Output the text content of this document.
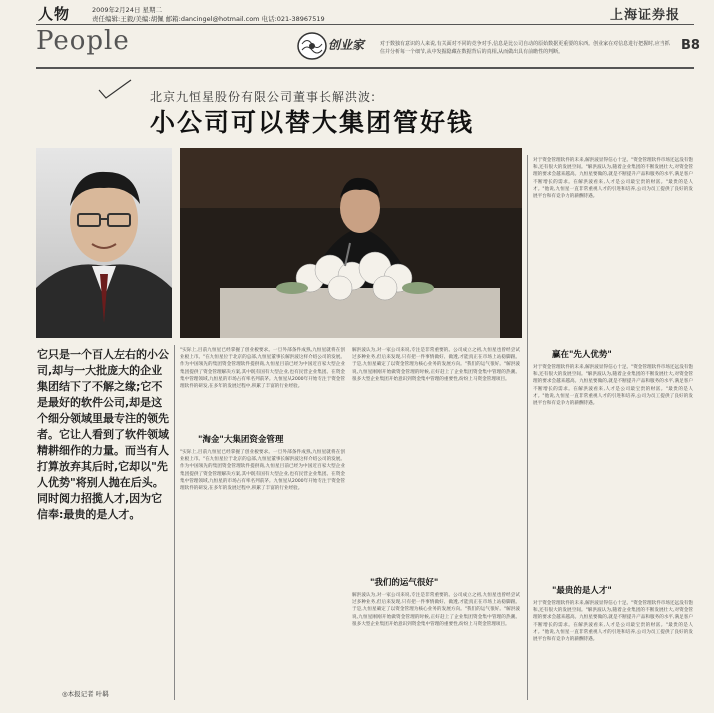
人物	2009年2月24日 星期二
责任编辑:王毅/美编:胡佩 邮箱:dancingel@hotmail.com 电话:021-38967519	上海证券报
People	创业家	对于数独有意识的人来说,有关面对不同的竞争对手,信息是比公司自动的原始数据更重要的东西。创业家在对信息进行把握时,应当抓住并分析每一个细节,从中发掘隐藏在数据背后的真相,从而做出具有前瞻性的判断。	B8
北京九恒星股份有限公司董事长解洪波:
小公司可以替大集团管好钱
它只是一个百人左右的小公司,却与一大批庞大的企业集团结下了不解之缘;它不是最好的软件公司,却是这个细分领域里最专注的领先者。它让人看到了软件领域精耕细作的力量。而当有人打算放弃其后时,它却以"先人优势"将别人抛在后头。同时阅力招揽人才,因为它信奉:最贵的是人才。
◎本报记者 叶羁
"实际上,目前九恒星已经掌握了创业板要求。一旦外部条件成熟,九恒星就将在创业板上市。"在九恒星位于北京的总部,九恒星董事长解洪波这样介绍公司的发展。作为中国领先的集团资金管理软件提供商,九恒星目前已经为中国近百家大型企业集团提供了资金管理解决方案,其中既有国有大型企业,也有民营企业集团。在资金集中管理领域,九恒星的市场占有率名列前茅。九恒星从2000年开始专注于资金管理软件的研发,在多年的发展过程中,积累了丰富的行业经验。
"淘金"大集团资金管理
"实际上,目前九恒星已经掌握了创业板要求。一旦外部条件成熟,九恒星就将在创业板上市。"在九恒星位于北京的总部,九恒星董事长解洪波这样介绍公司的发展。作为中国领先的集团资金管理软件提供商,九恒星目前已经为中国近百家大型企业集团提供了资金管理解决方案,其中既有国有大型企业,也有民营企业集团。在资金集中管理领域,九恒星的市场占有率名列前茅。九恒星从2000年开始专注于资金管理软件的研发,在多年的发展过程中,积累了丰富的行业经验。
解洪波认为,对一家公司来说,专注是非常重要的。公司成立之初,九恒星也曾经尝试过多种业务,但后来发现,只有把一件事情做好、做透,才能真正在市场上站稳脚跟。于是,九恒星确定了以资金管理为核心业务的发展方向。"我们的运气很好。"解洪波说,九恒星刚刚开始做资金管理的时候,正好赶上了企业集团资金集中管理的热潮。很多大型企业集团开始意识到资金集中管理的重要性,纷纷上马资金管理项目。
"我们的运气很好"
解洪波认为,对一家公司来说,专注是非常重要的。公司成立之初,九恒星也曾经尝试过多种业务,但后来发现,只有把一件事情做好、做透,才能真正在市场上站稳脚跟。于是,九恒星确定了以资金管理为核心业务的发展方向。"我们的运气很好。"解洪波说,九恒星刚刚开始做资金管理的时候,正好赶上了企业集团资金集中管理的热潮。很多大型企业集团开始意识到资金集中管理的重要性,纷纷上马资金管理项目。
对于资金管理软件的未来,解洪波显得信心十足。"资金管理软件市场还远没有饱和,还有很大的发展空间。"解洪波认为,随着企业集团的不断发展壮大,对资金管理的要求会越来越高。九恒星要做的,就是不断提升产品和服务的水平,满足客户不断增长的需求。在解洪波看来,人才是公司最宝贵的财富。"最贵的是人才。"他说,九恒星一直非常重视人才的引进和培养,公司为员工提供了良好的发展平台和有竞争力的薪酬待遇。
赢在"先人优势"
对于资金管理软件的未来,解洪波显得信心十足。"资金管理软件市场还远没有饱和,还有很大的发展空间。"解洪波认为,随着企业集团的不断发展壮大,对资金管理的要求会越来越高。九恒星要做的,就是不断提升产品和服务的水平,满足客户不断增长的需求。在解洪波看来,人才是公司最宝贵的财富。"最贵的是人才。"他说,九恒星一直非常重视人才的引进和培养,公司为员工提供了良好的发展平台和有竞争力的薪酬待遇。
"最贵的是人才"
对于资金管理软件的未来,解洪波显得信心十足。"资金管理软件市场还远没有饱和,还有很大的发展空间。"解洪波认为,随着企业集团的不断发展壮大,对资金管理的要求会越来越高。九恒星要做的,就是不断提升产品和服务的水平,满足客户不断增长的需求。在解洪波看来,人才是公司最宝贵的财富。"最贵的是人才。"他说,九恒星一直非常重视人才的引进和培养,公司为员工提供了良好的发展平台和有竞争力的薪酬待遇。
